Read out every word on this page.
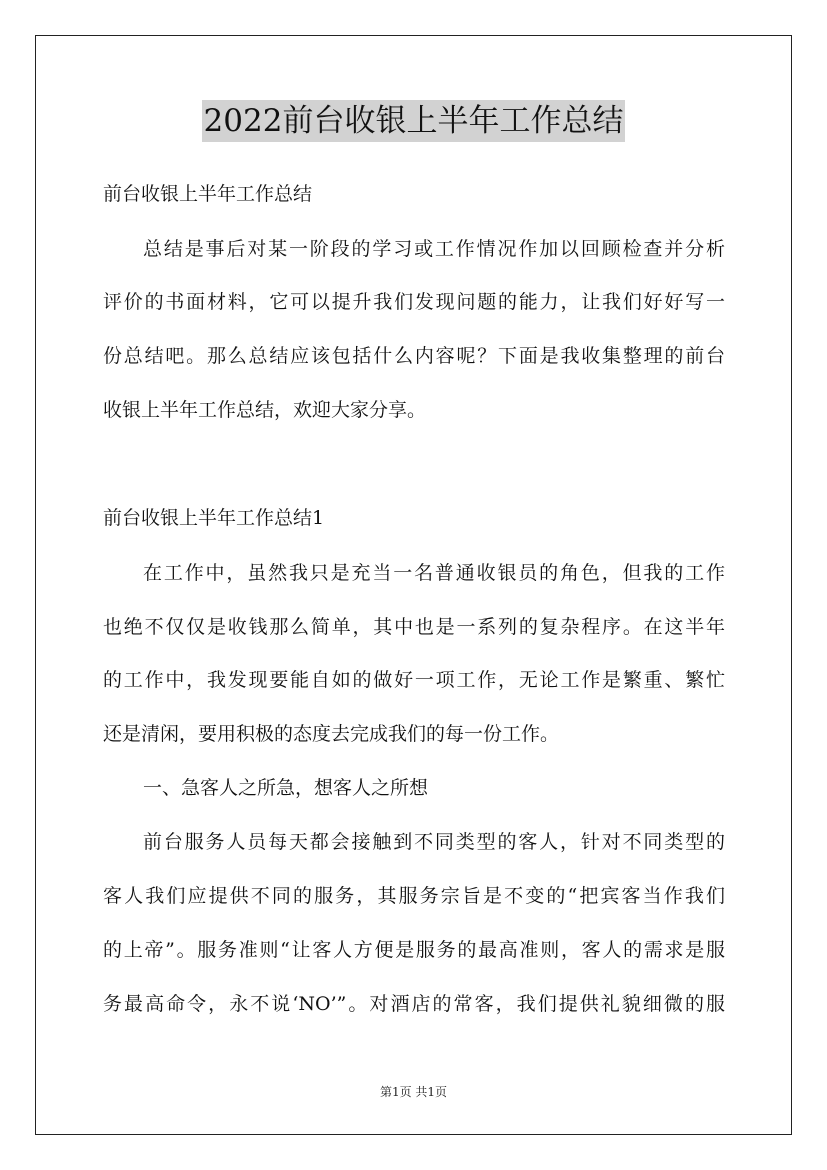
2022前台收银上半年工作总结
前台收银上半年工作总结
总结是事后对某一阶段的学习或工作情况作加以回顾检查并分析
评价的书面材料，它可以提升我们发现问题的能力，让我们好好写一
份总结吧。那么总结应该包括什么内容呢？下面是我收集整理的前台
收银上半年工作总结，欢迎大家分享。
前台收银上半年工作总结1
在工作中，虽然我只是充当一名普通收银员的角色，但我的工作
也绝不仅仅是收钱那么简单，其中也是一系列的复杂程序。在这半年
的工作中，我发现要能自如的做好一项工作，无论工作是繁重、繁忙
还是清闲，要用积极的态度去完成我们的每一份工作。
一、急客人之所急，想客人之所想
前台服务人员每天都会接触到不同类型的客人，针对不同类型的
客人我们应提供不同的服务，其服务宗旨是不变的“把宾客当作我们
的上帝”。服务准则“让客人方便是服务的最高准则，客人的需求是服
务最高命令，永不说‘NO’”。对酒店的常客，我们提供礼貌细微的服
第1页 共1页
